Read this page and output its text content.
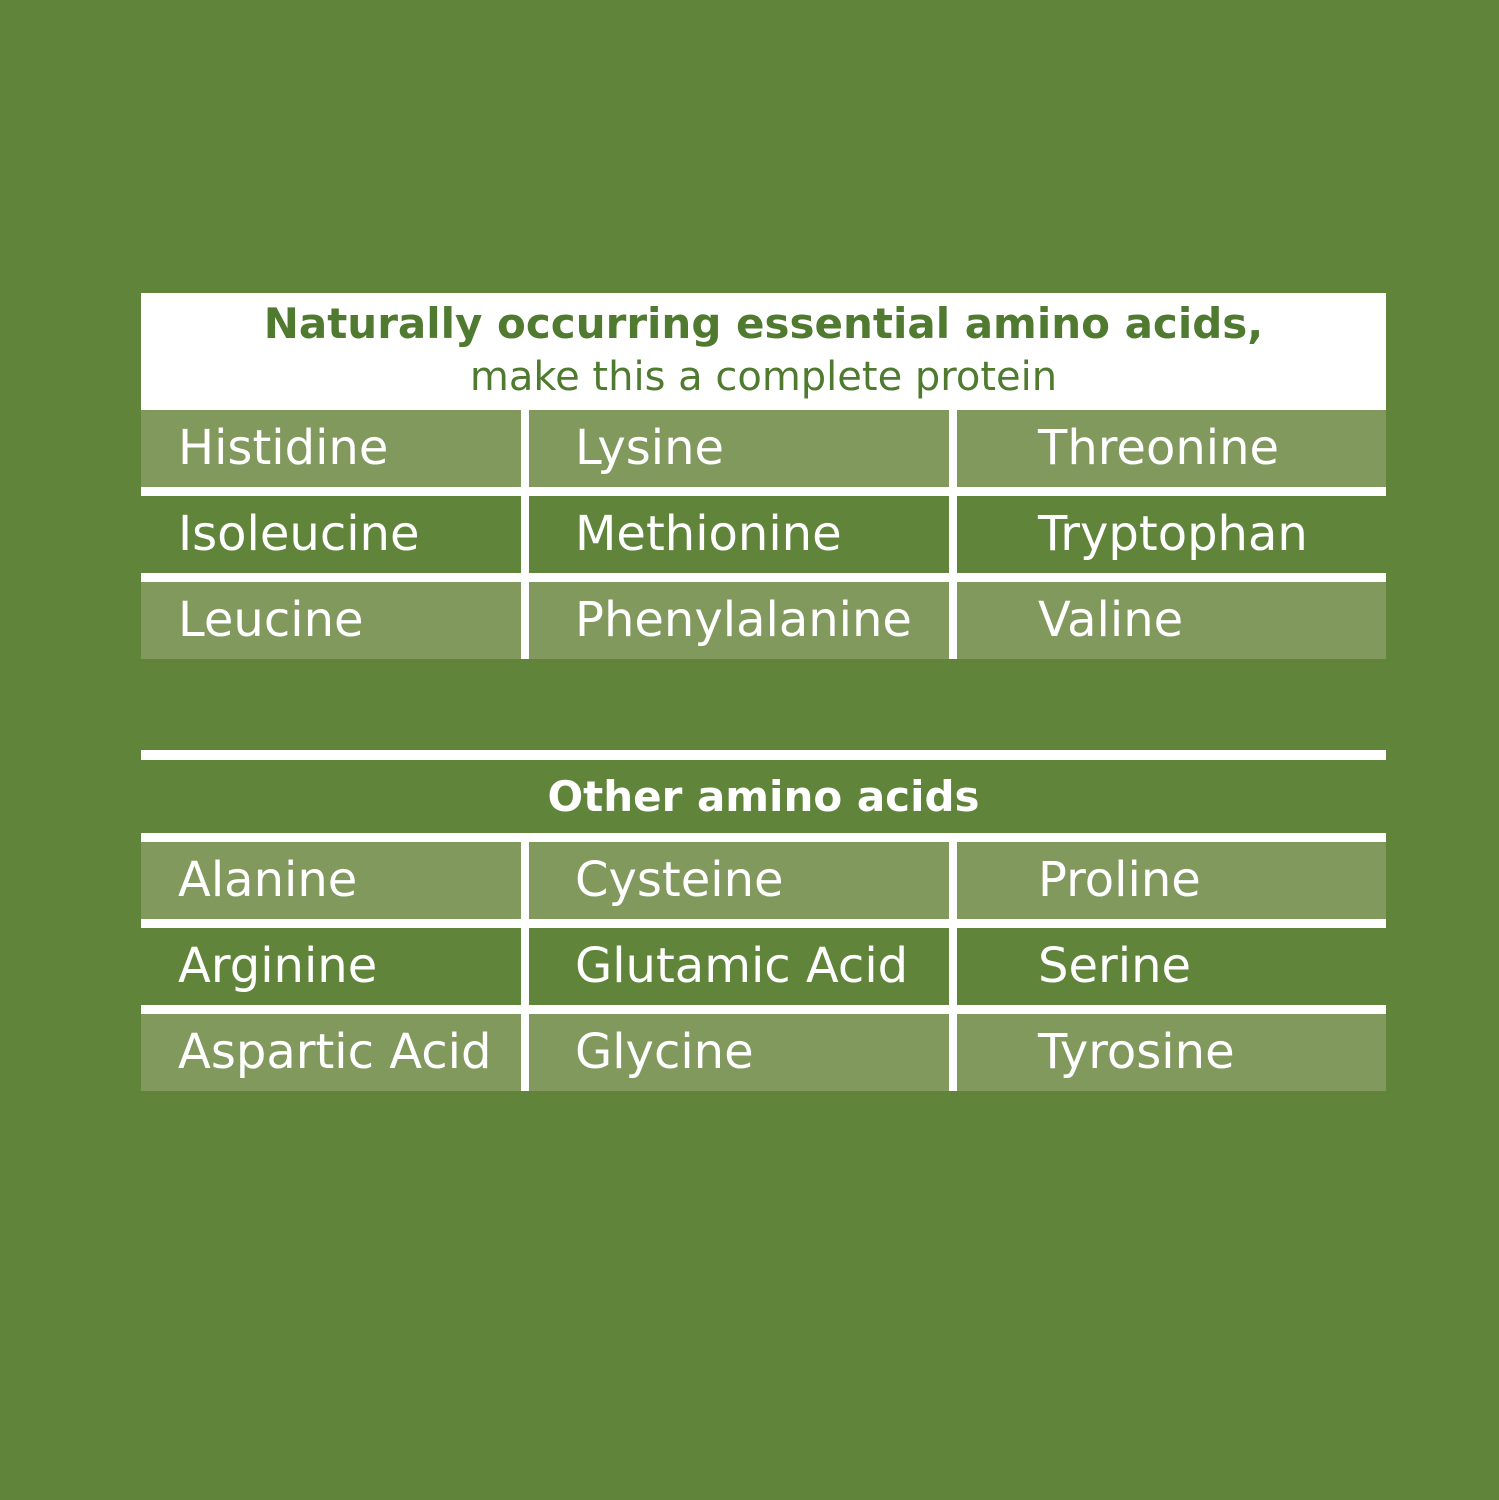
Naturally occurring essential amino acids,
make this a complete protein
Histidine	Lysine	Threonine
Isoleucine	Methionine	Tryptophan
Leucine	Phenylalanine	Valine
Other amino acids
Alanine	Cysteine	Proline
Arginine	Glutamic Acid	Serine
Aspartic Acid	Glycine	Tyrosine
